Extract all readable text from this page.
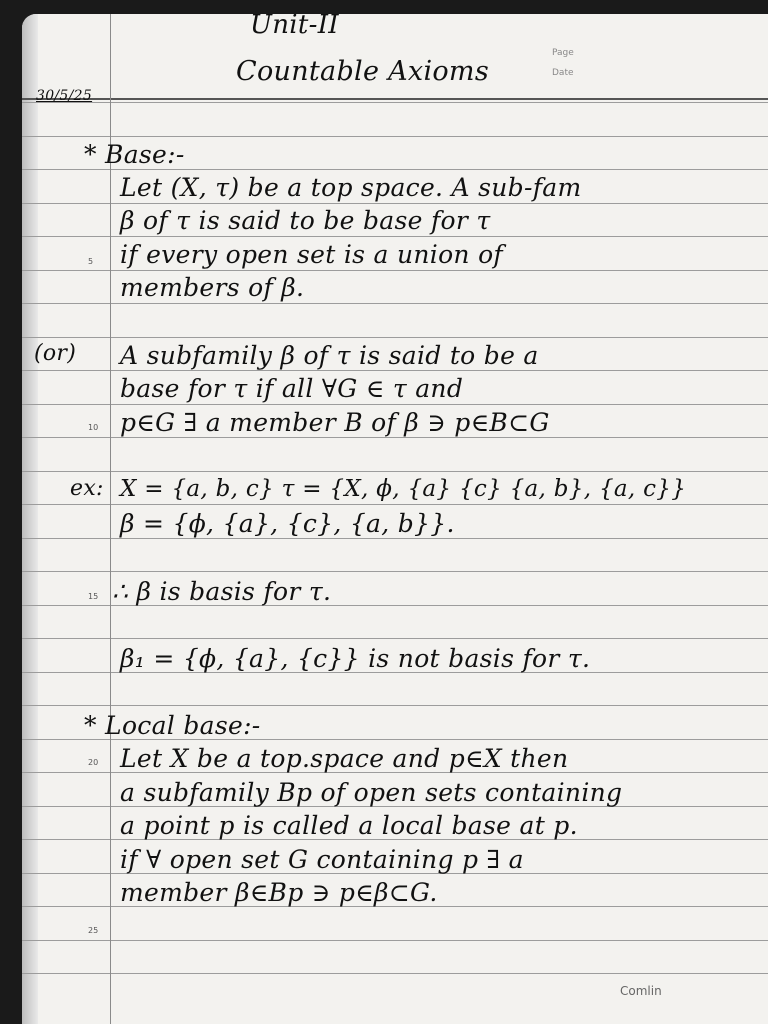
Unit-II
Countable Axioms
Page
Date
30/5/25
5
10
15
20
25
* Base:-
Let (X, τ) be a top space. A sub-fam
β of τ is said to be base for τ
if every open set is a union of
members of β.
(or) A subfamily β of τ is said to be a
base for τ if all ∀G ∈ τ and
p∈G ∃ a member B of β ∋ p∈B⊂G
ex: X = {a, b, c} τ = {X, ϕ, {a} {c} {a, b}, {a, c}}
β = {ϕ, {a}, {c}, {a, b}}.
∴ β is basis for τ.
β₁ = {ϕ, {a}, {c}} is not basis for τ.
* Local base:-
Let X be a top.space and p∈X then
a subfamily Bp of open sets containing
a point p is called a local base at p.
if ∀ open set G containing p ∃ a
member β∈Bp ∋ p∈β⊂G.
Comlin
